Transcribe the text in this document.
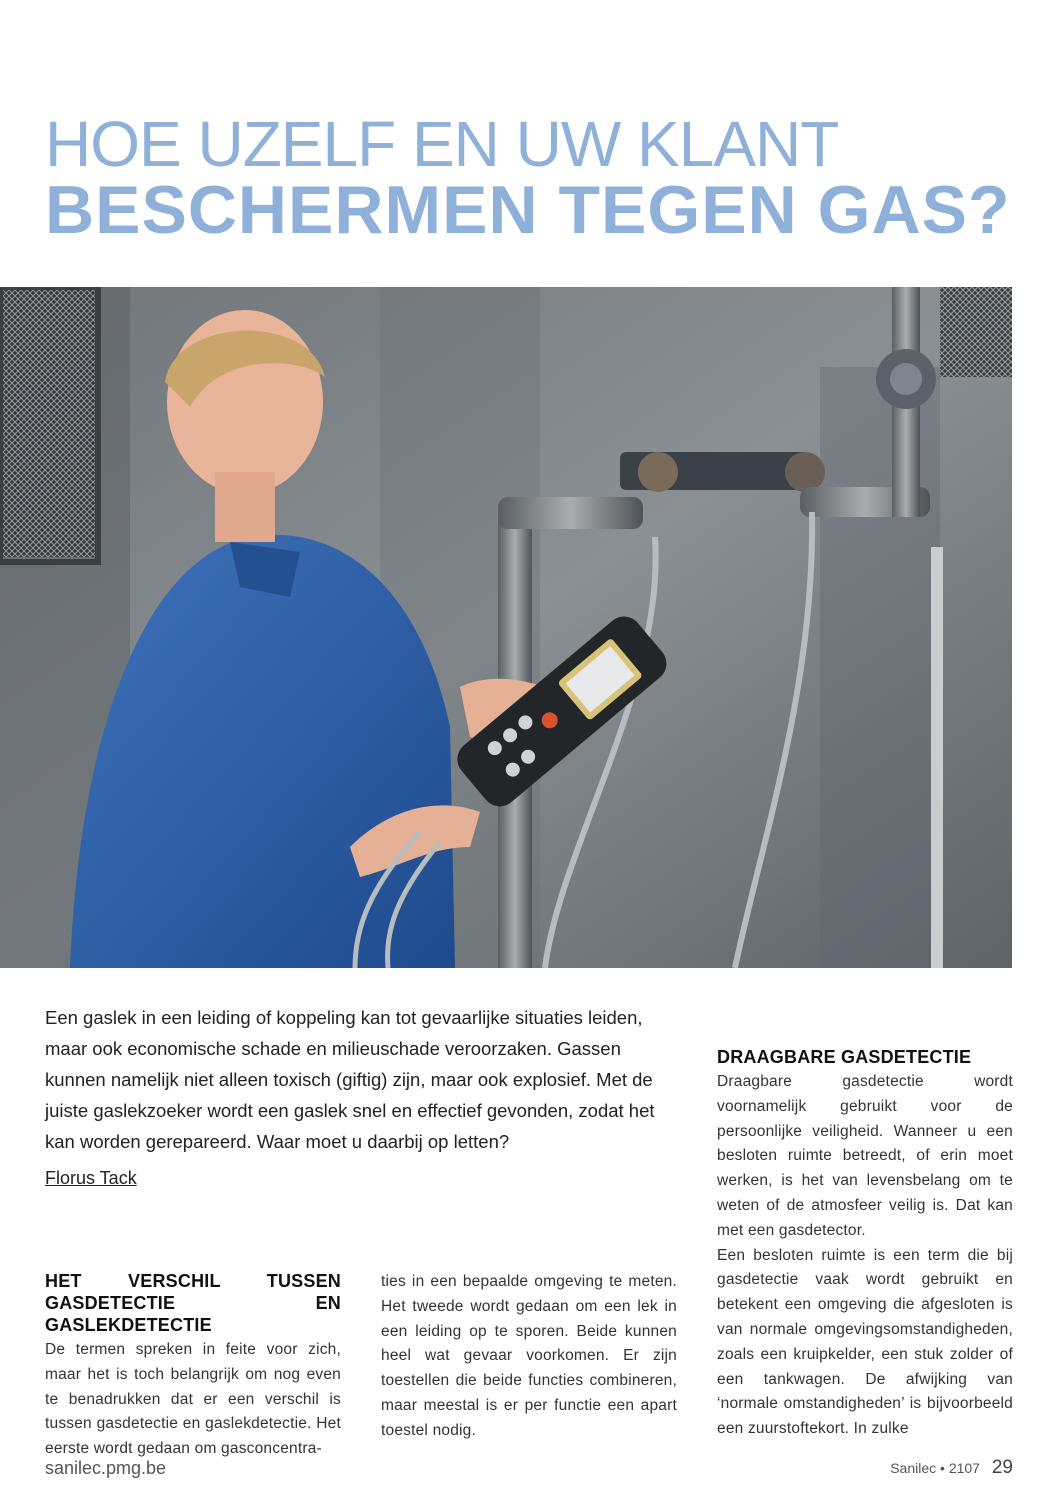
HOE UZELF EN UW KLANT
BESCHERMEN TEGEN GAS?
Een gaslek in een leiding of koppeling kan tot gevaarlijke situaties leiden, maar ook economische schade en milieuschade veroorzaken. Gassen kunnen namelijk niet alleen toxisch (giftig) zijn, maar ook explosief. Met de juiste gaslekzoeker wordt een gaslek snel en effectief gevonden, zodat het kan worden gerepareerd. Waar moet u daarbij op letten?
Florus Tack
HET VERSCHIL TUSSEN GASDETECTIE EN GASLEKDETECTIE

De termen spreken in feite voor zich, maar het is toch belangrijk om nog even te benadrukken dat er een verschil is tussen gasdetectie en gaslekdetectie. Het eerste wordt gedaan om gasconcentra-

ties in een bepaalde omgeving te meten. Het tweede wordt gedaan om een lek in een leiding op te sporen. Beide kunnen heel wat gevaar voorkomen. Er zijn toestellen die beide functies combineren, maar meestal is er per functie een apart toestel nodig.

DRAAGBARE GASDETECTIE

Draagbare gasdetectie wordt voornamelijk gebruikt voor de persoonlijke veiligheid. Wanneer u een besloten ruimte betreedt, of erin moet werken, is het van levensbelang om te weten of de atmosfeer veilig is. Dat kan met een gasdetector.

Een besloten ruimte is een term die bij gasdetectie vaak wordt gebruikt en betekent een omgeving die afgesloten is van normale omgevingsomstandigheden, zoals een kruipkelder, een stuk zolder of een tankwagen. De afwijking van ‘normale omstandigheden’ is bijvoorbeeld een zuurstoftekort. In zulke

sanilec.pmg.be	Sanilec • 2107 29
